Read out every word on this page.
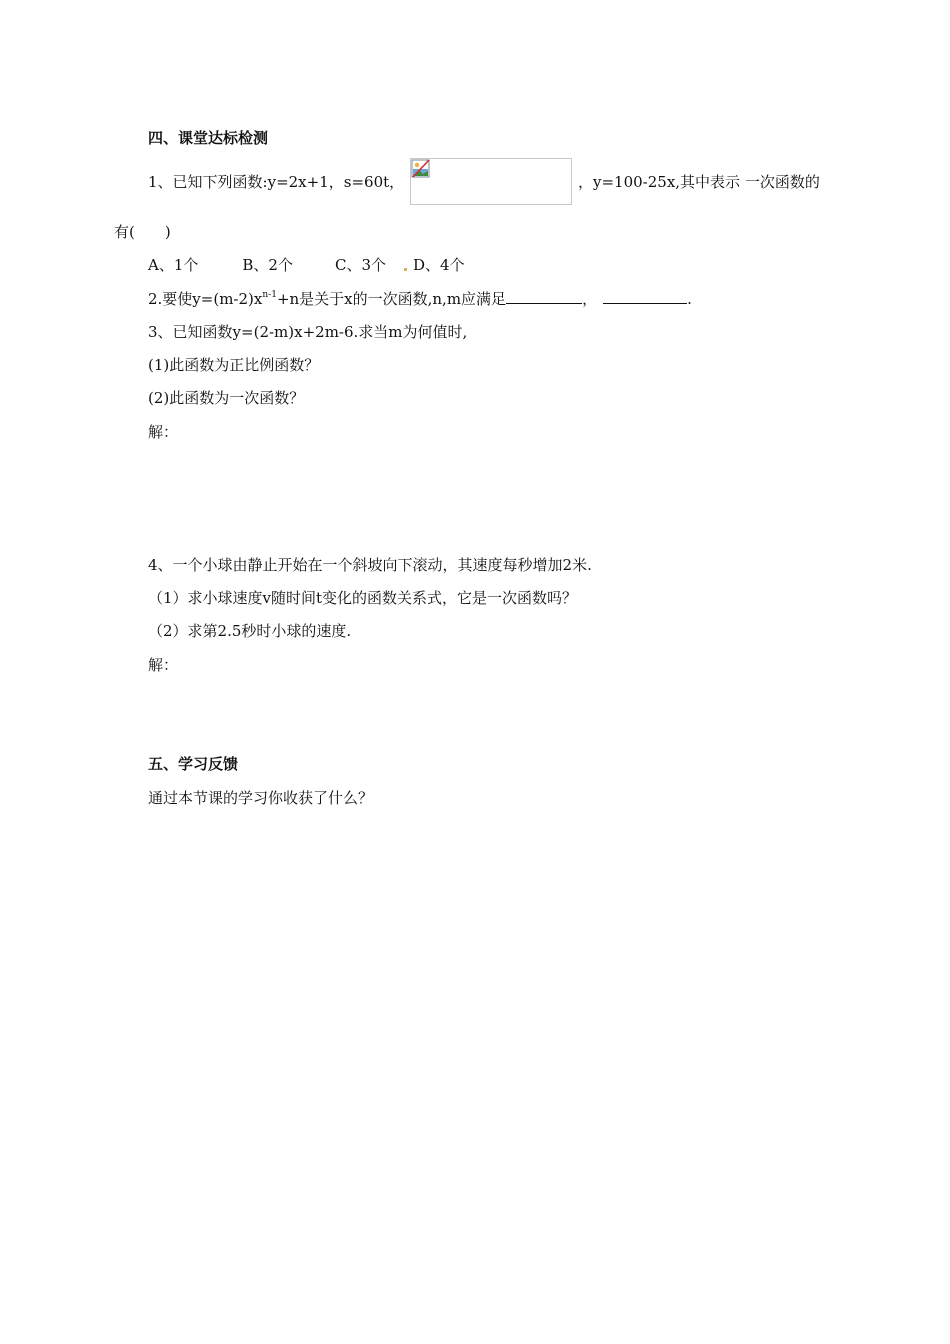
四、课堂达标检测
1、已知下列函数:y=2x+1，s=60t，	，y=100-25x,其中表示 一次函数的
有(　　)
A、1个	B、2个	C、3个 D、4个
2.要使$y=(m-2)x^{n-1}+n$是关于x的一次函数,n,m应满足	，	.
3、已知函数y=(2-m)x+2m-6.求当m为何值时,
(1)此函数为正比例函数？
(2)此函数为一次函数？
解：
4、一个小球由静止开始在一个斜坡向下滚动，其速度每秒增加2米.
（1）求小球速度v随时间t变化的函数关系式，它是一次函数吗？
（2）求第2.5秒时小球的速度.
解：
五、学习反馈
通过本节课的学习你收获了什么？
